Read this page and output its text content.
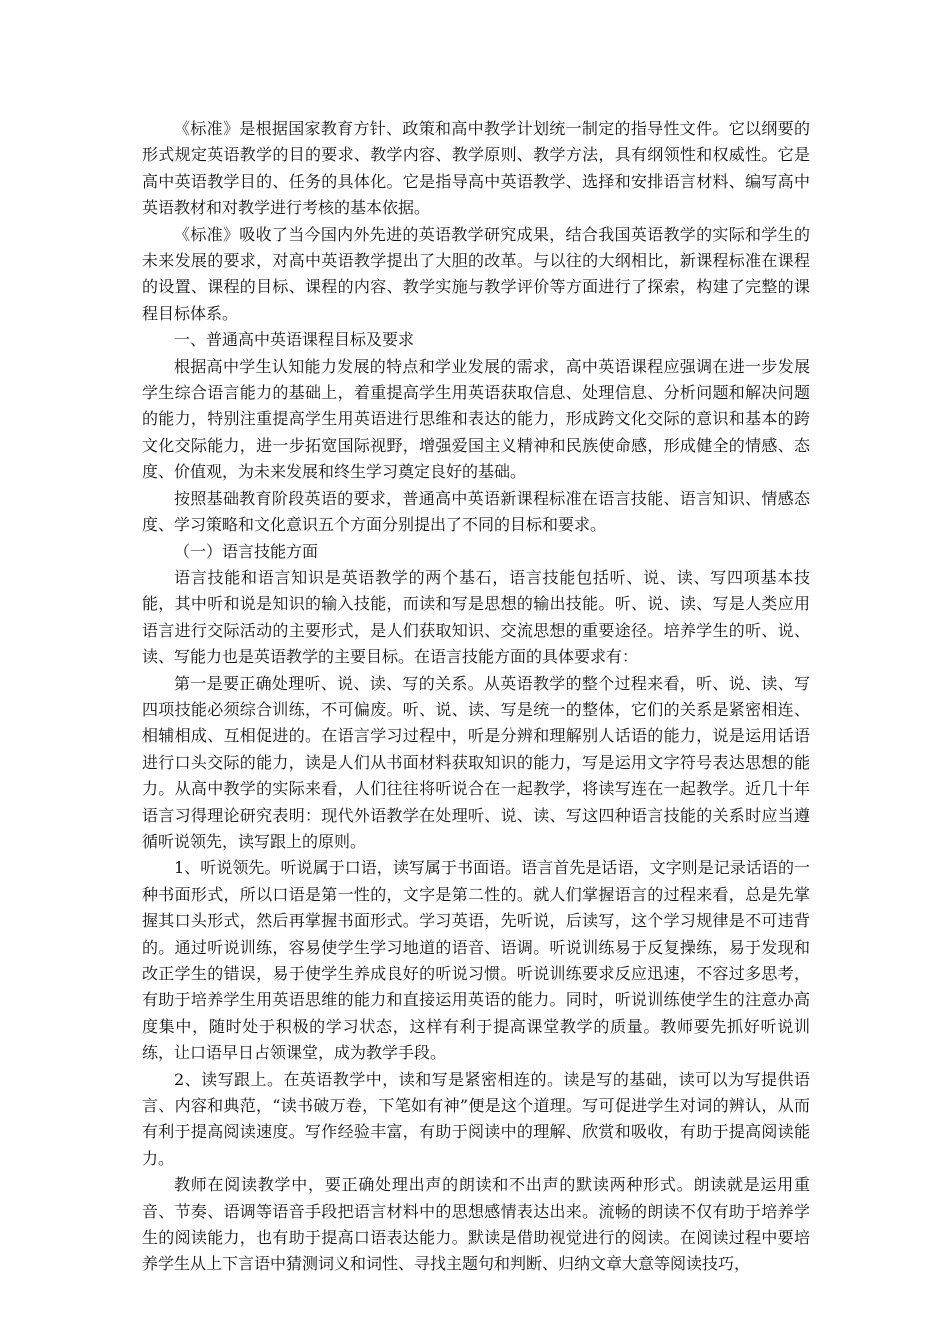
《标准》是根据国家教育方针、政策和高中教学计划统一制定的指导性文件。它以纲要的形式规定英语教学的目的要求、教学内容、教学原则、教学方法，具有纲领性和权威性。它是高中英语教学目的、任务的具体化。它是指导高中英语教学、选择和安排语言材料、编写高中英语教材和对教学进行考核的基本依据。

《标准》吸收了当今国内外先进的英语教学研究成果，结合我国英语教学的实际和学生的未来发展的要求，对高中英语教学提出了大胆的改革。与以往的大纲相比，新课程标准在课程的设置、课程的目标、课程的内容、教学实施与教学评价等方面进行了探索，构建了完整的课程目标体系。

一、普通高中英语课程目标及要求

根据高中学生认知能力发展的特点和学业发展的需求，高中英语课程应强调在进一步发展学生综合语言能力的基础上，着重提高学生用英语获取信息、处理信息、分析问题和解决问题的能力，特别注重提高学生用英语进行思维和表达的能力，形成跨文化交际的意识和基本的跨文化交际能力，进一步拓宽国际视野，增强爱国主义精神和民族使命感，形成健全的情感、态度、价值观，为未来发展和终生学习奠定良好的基础。

按照基础教育阶段英语的要求，普通高中英语新课程标准在语言技能、语言知识、情感态度、学习策略和文化意识五个方面分别提出了不同的目标和要求。

（一）语言技能方面

语言技能和语言知识是英语教学的两个基石，语言技能包括听、说、读、写四项基本技能，其中听和说是知识的输入技能，而读和写是思想的输出技能。听、说、读、写是人类应用语言进行交际活动的主要形式，是人们获取知识、交流思想的重要途径。培养学生的听、说、读、写能力也是英语教学的主要目标。在语言技能方面的具体要求有：

第一是要正确处理听、说、读、写的关系。从英语教学的整个过程来看，听、说、读、写四项技能必须综合训练，不可偏废。听、说、读、写是统一的整体，它们的关系是紧密相连、相辅相成、互相促进的。在语言学习过程中，听是分辨和理解别人话语的能力，说是运用话语进行口头交际的能力，读是人们从书面材料获取知识的能力，写是运用文字符号表达思想的能力。从高中教学的实际来看，人们往往将听说合在一起教学，将读写连在一起教学。近几十年语言习得理论研究表明：现代外语教学在处理听、说、读、写这四种语言技能的关系时应当遵循听说领先，读写跟上的原则。

1、听说领先。听说属于口语，读写属于书面语。语言首先是话语，文字则是记录话语的一种书面形式，所以口语是第一性的，文字是第二性的。就人们掌握语言的过程来看，总是先掌握其口头形式，然后再掌握书面形式。学习英语，先听说，后读写，这个学习规律是不可违背的。通过听说训练，容易使学生学习地道的语音、语调。听说训练易于反复操练，易于发现和改正学生的错误，易于使学生养成良好的听说习惯。听说训练要求反应迅速，不容过多思考，有助于培养学生用英语思维的能力和直接运用英语的能力。同时，听说训练使学生的注意办高度集中，随时处于积极的学习状态，这样有利于提高课堂教学的质量。教师要先抓好听说训练，让口语早日占领课堂，成为教学手段。

2、读写跟上。在英语教学中，读和写是紧密相连的。读是写的基础，读可以为写提供语言、内容和典范，“读书破万卷，下笔如有神”便是这个道理。写可促进学生对词的辨认，从而有利于提高阅读速度。写作经验丰富，有助于阅读中的理解、欣赏和吸收，有助于提高阅读能力。

教师在阅读教学中，要正确处理出声的朗读和不出声的默读两种形式。朗读就是运用重音、节奏、语调等语音手段把语言材料中的思想感情表达出来。流畅的朗读不仅有助于培养学生的阅读能力，也有助于提高口语表达能力。默读是借助视觉进行的阅读。在阅读过程中要培养学生从上下言语中猜测词义和词性、寻找主题句和判断、归纳文章大意等阅读技巧，
